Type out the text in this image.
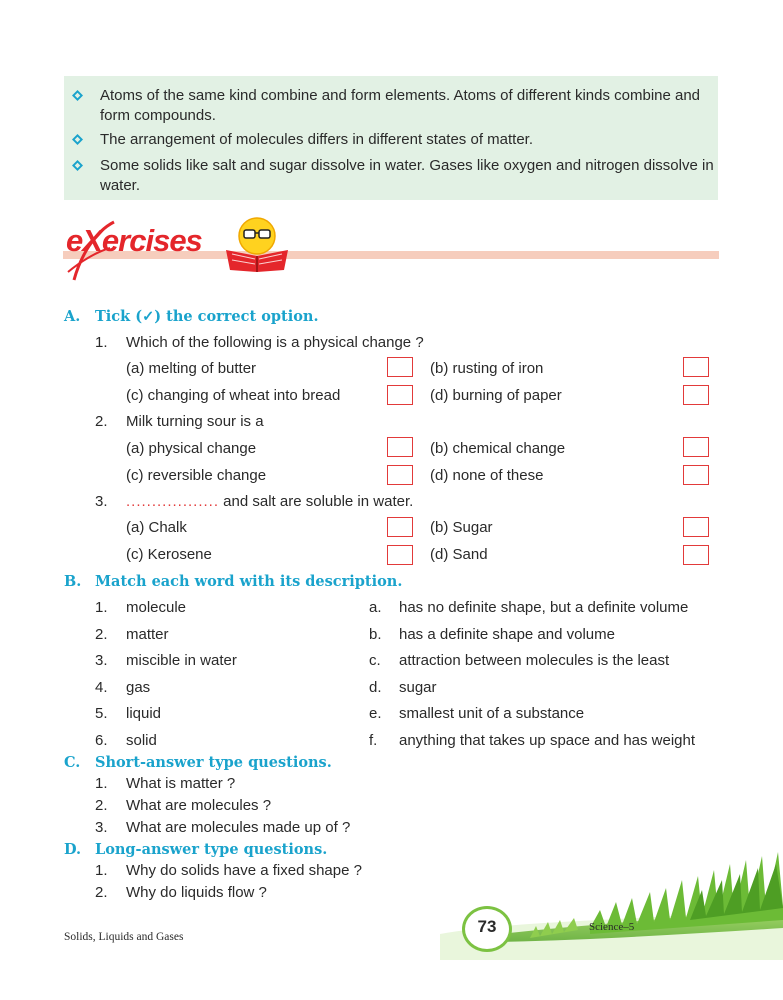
Atoms of the same kind combine and form elements. Atoms of different kinds combine and form compounds.
The arrangement of molecules differs in different states of matter.
Some solids like salt and sugar dissolve in water. Gases like oxygen and nitrogen dissolve in water.
eXercises
A. Tick (✓) the correct option.
1. Which of the following is a physical change ?
(a) melting of butter	(b) rusting of iron
(c) changing of wheat into bread	(d) burning of paper
2. Milk turning sour is a
(a) physical change	(b) chemical change
(c) reversible change	(d) none of these
3. .................. and salt are soluble in water.
(a) Chalk	(b) Sugar
(c) Kerosene	(d) Sand
B. Match each word with its description.
1. molecule	a. has no definite shape, but a definite volume
2. matter	b. has a definite shape and volume
3. miscible in water	c. attraction between molecules is the least
4. gas	d. sugar
5. liquid	e. smallest unit of a substance
6. solid	f. anything that takes up space and has weight
C. Short-answer type questions.
1. What is matter ?
2. What are molecules ?
3. What are molecules made up of ?
D. Long-answer type questions.
1. Why do solids have a fixed shape ?
2. Why do liquids flow ?
Solids, Liquids and Gases
73	Science–5
